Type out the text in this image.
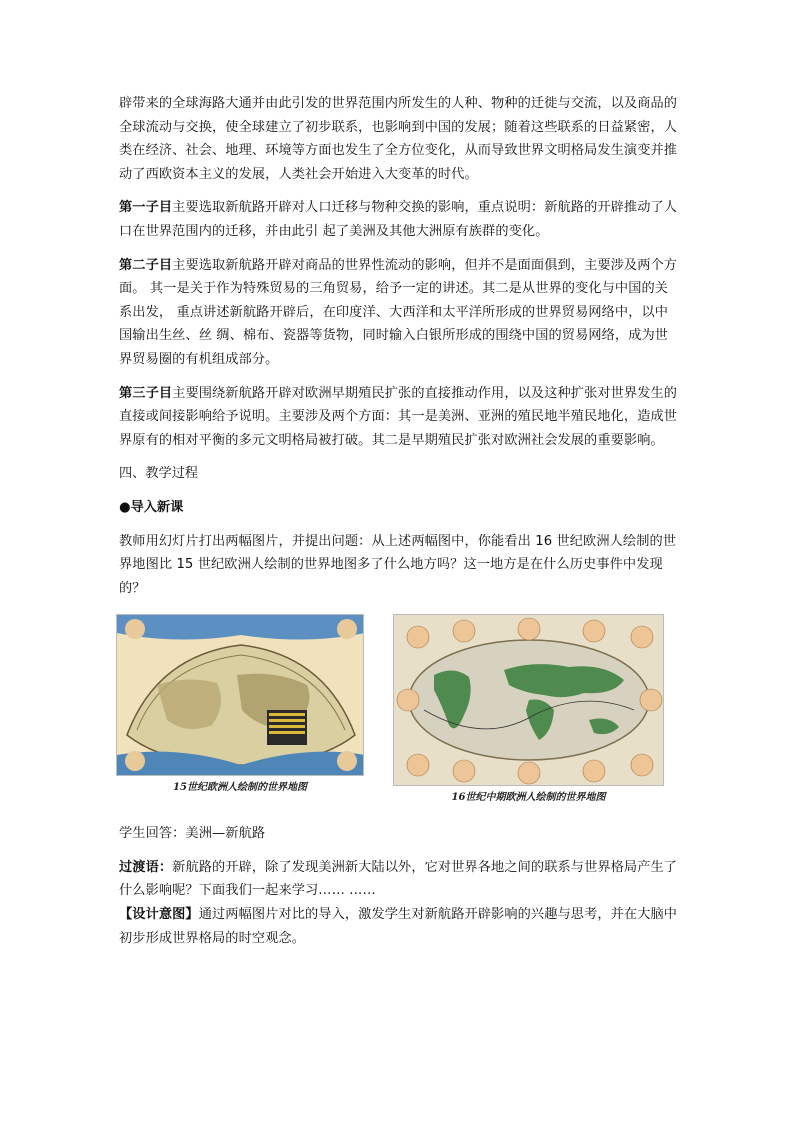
辟带来的全球海路大通并由此引发的世界范围内所发生的人种、物种的迁徙与交流，以及商品的全球流动与交换，使全球建立了初步联系，也影响到中国的发展；随着这些联系的日益紧密，人类在经济、社会、地理、环境等方面也发生了全方位变化，从而导致世界文明格局发生演变并推动了西欧资本主义的发展，人类社会开始进入大变革的时代。

第一子目主要选取新航路开辟对人口迁移与物种交换的影响，重点说明：新航路的开辟推动了人口在世界范围内的迁移，并由此引 起了美洲及其他大洲原有族群的变化。

第二子目主要选取新航路开辟对商品的世界性流动的影响，但并不是面面俱到，主要涉及两个方面。 其一是关于作为特殊贸易的三角贸易，给予一定的讲述。其二是从世界的变化与中国的关系出发， 重点讲述新航路开辟后，在印度洋、大西洋和太平洋所形成的世界贸易网络中，以中国输出生丝、丝 绸、棉布、瓷器等货物，同时输入白银所形成的围绕中国的贸易网络，成为世界贸易圈的有机组成部分。

第三子目主要围绕新航路开辟对欧洲早期殖民扩张的直接推动作用，以及这种扩张对世界发生的直接或间接影响给予说明。主要涉及两个方面：其一是美洲、亚洲的殖民地半殖民地化，造成世界原有的相对平衡的多元文明格局被打破。其二是早期殖民扩张对欧洲社会发展的重要影响。

四、教学过程

●导入新课

教师用幻灯片打出两幅图片，并提出问题：从上述两幅图中，你能看出 16 世纪欧洲人绘制的世界地图比 15 世纪欧洲人绘制的世界地图多了什么地方吗？这一地方是在什么历史事件中发现的？

15世纪欧洲人绘制的世界地图
16世纪中期欧洲人绘制的世界地图

学生回答：美洲—新航路

过渡语：新航路的开辟，除了发现美洲新大陆以外，它对世界各地之间的联系与世界格局产生了什么影响呢？下面我们一起来学习…… ……

【设计意图】通过两幅图片对比的导入，激发学生对新航路开辟影响的兴趣与思考，并在大脑中初步形成世界格局的时空观念。
